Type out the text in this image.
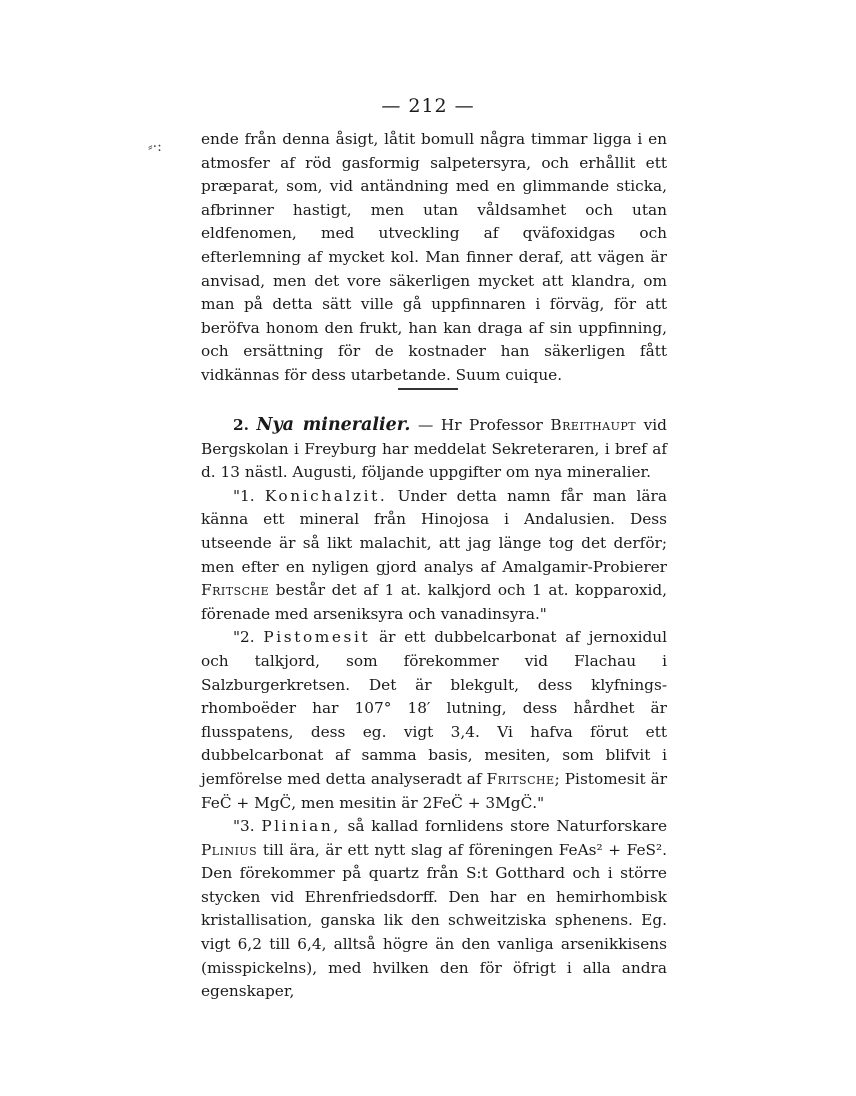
— 212 —
⸗·:	ende från denna åsigt, låtit bomull några timmar ligga i en atmosfer af röd gasformig salpetersyra, och erhållit ett præparat, som, vid antändning med en glimmande sticka, afbrinner hastigt, men utan våldsamhet och utan eldfenomen, med utveckling af qväfoxidgas och efterlemning af mycket kol. Man finner deraf, att vägen är anvisad, men det vore säkerligen mycket att klandra, om man på detta sätt ville gå uppfinnaren i förväg, för att beröfva honom den frukt, han kan draga af sin uppfinning, och ersättning för de kostnader han säkerligen fått vidkännas för dess utarbetande. Suum cuique.

2. Nya mineralier. — Hr Professor Breithaupt vid Bergskolan i Freyburg har meddelat Sekreteraren, i bref af d. 13 nästl. Augusti, följande uppgifter om nya mineralier.

"1. Konichalzit. Under detta namn får man lära känna ett mineral från Hinojosa i Andalusien. Dess utseende är så likt malachit, att jag länge tog det derför; men efter en nyligen gjord analys af Amalgamir-Probierer Fritsche består det af 1 at. kalkjord och 1 at. kopparoxid, förenade med arseniksyra och vanadinsyra."

"2. Pistomesit är ett dubbelcarbonat af jernoxidul och talkjord, som förekommer vid Flachau i Salzburgerkretsen. Det är blekgult, dess klyfnings-rhomboëder har 107° 18′ lutning, dess hårdhet är flusspatens, dess eg. vigt 3,4. Vi hafva förut ett dubbelcarbonat af samma basis, mesiten, som blifvit i jemförelse med detta analyseradt af Fritsche; Pistomesit är FeC̈ + MgC̈, men mesitin är 2FeC̈ + 3MgC̈."

"3. Plinian, så kallad fornlidens store Naturforskare Plinius till ära, är ett nytt slag af föreningen FeAs² + FeS². Den förekommer på quartz från S:t Gotthard och i större stycken vid Ehrenfriedsdorff. Den har en hemirhombisk kristallisation, ganska lik den schweitziska sphenens. Eg. vigt 6,2 till 6,4, alltså högre än den vanliga arsenikkisens (misspickelns), med hvilken den för öfrigt i alla andra egenskaper,
